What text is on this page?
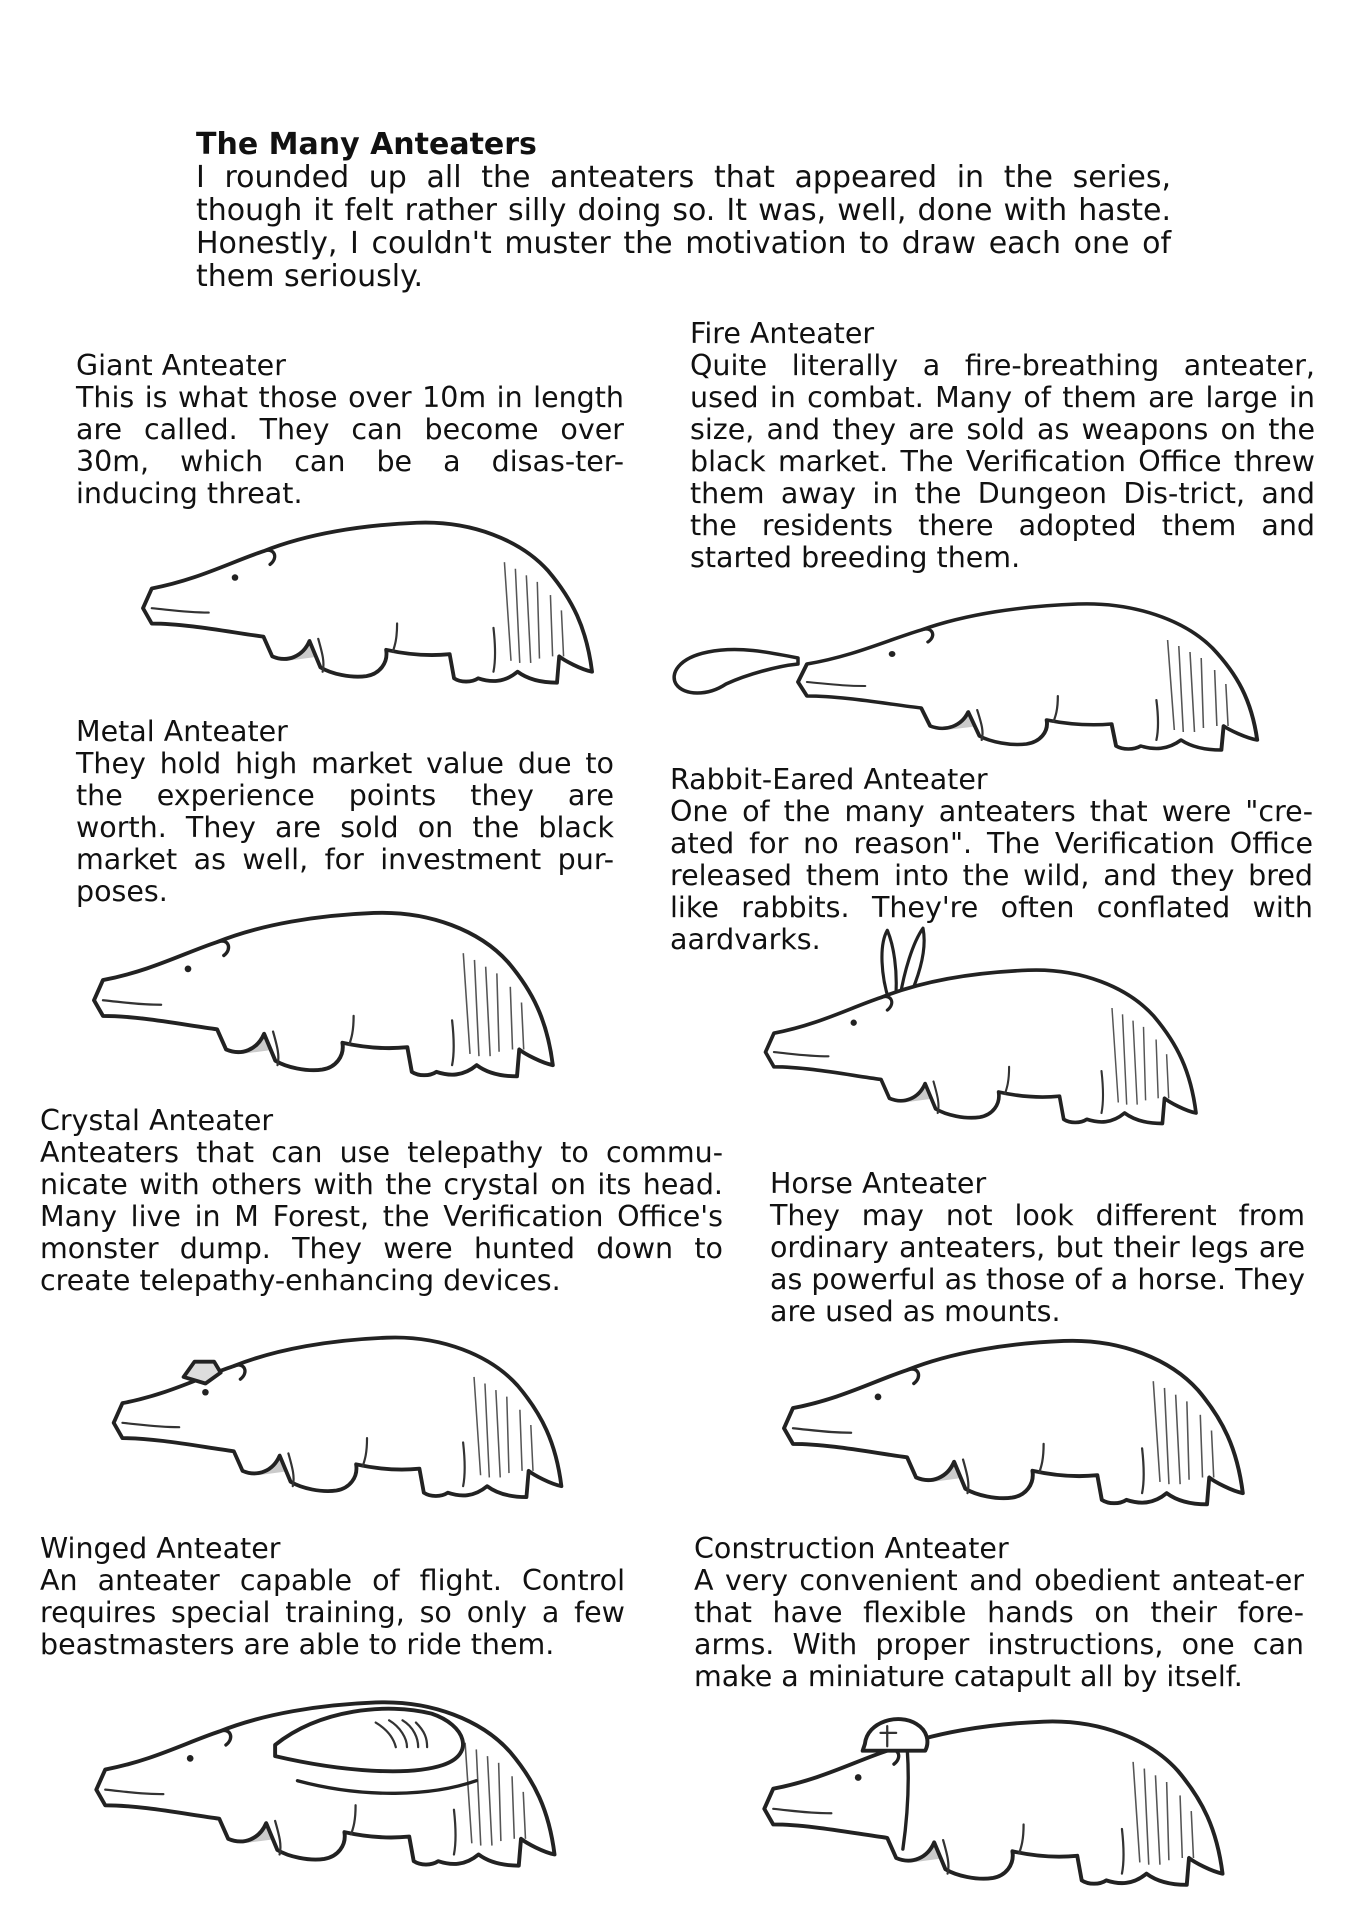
The Many Anteaters
I rounded up all the anteaters that appeared in the series, though it felt rather silly doing so. It was, well, done with haste. Honestly, I couldn't muster the motivation to draw each one of them seriously.
Giant Anteater
This is what those over 10m in length are called. They can become over 30m, which can be a disas-ter-inducing threat.
Fire Anteater
Quite literally a fire-breathing anteater, used in combat. Many of them are large in size, and they are sold as weapons on the black market. The Verification Office threw them away in the Dungeon Dis-trict, and the residents there adopted them and started breeding them.
Metal Anteater
They hold high market value due to the experience points they are worth. They are sold on the black market as well, for investment pur-poses.
Rabbit-Eared Anteater
One of the many anteaters that were "cre-ated for no reason". The Verification Office released them into the wild, and they bred like rabbits. They're often conflated with aardvarks.
Crystal Anteater
Anteaters that can use telepathy to commu-nicate with others with the crystal on its head. Many live in M Forest, the Verification Office's monster dump. They were hunted down to create telepathy-enhancing devices.
Horse Anteater
They may not look different from ordinary anteaters, but their legs are as powerful as those of a horse. They are used as mounts.
Winged Anteater
An anteater capable of flight. Control requires special training, so only a few beastmasters are able to ride them.
Construction Anteater
A very convenient and obedient anteat-er that have flexible hands on their fore-arms. With proper instructions, one can make a miniature catapult all by itself.
